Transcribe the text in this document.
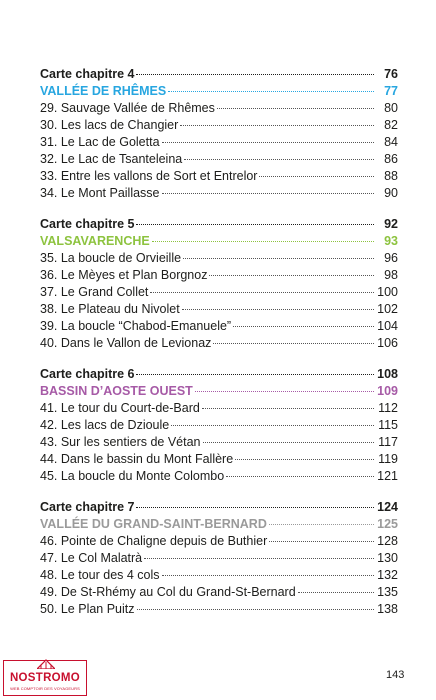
Carte chapitre 4	76
VALLÉE DE RHÊMES	77
29. Sauvage Vallée de Rhêmes	80
30. Les lacs de Changier	82
31. Le Lac de Goletta	84
32. Le Lac de Tsanteleina	86
33. Entre les vallons de Sort et Entrelor	88
34. Le Mont Paillasse	90
Carte chapitre 5	92
VALSAVARENCHE	93
35. La boucle de Orvieille	96
36. Le Mèyes et Plan Borgnoz	98
37. Le Grand Collet	100
38. Le Plateau du Nivolet	102
39. La boucle “Chabod-Emanuele”	104
40. Dans le Vallon de Levionaz	106
Carte chapitre 6	108
BASSIN D’AOSTE OUEST	109
41. Le tour du Court-de-Bard	112
42. Les lacs de Dzioule	115
43. Sur les sentiers de Vétan	117
44. Dans le bassin du Mont Fallère	119
45. La boucle du Monte Colombo	121
Carte chapitre 7	124
VALLÉE DU GRAND-SAINT-BERNARD	125
46. Pointe de Chaligne depuis de Buthier	128
47. Le Col Malatrà	130
48. Le tour des 4 cols	132
49. De St-Rhémy au Col du Grand-St-Bernard	135
50. Le Plan Puitz	138
NOSTROMO
WEB COMPTOIR DES VOYAGEURS
143
